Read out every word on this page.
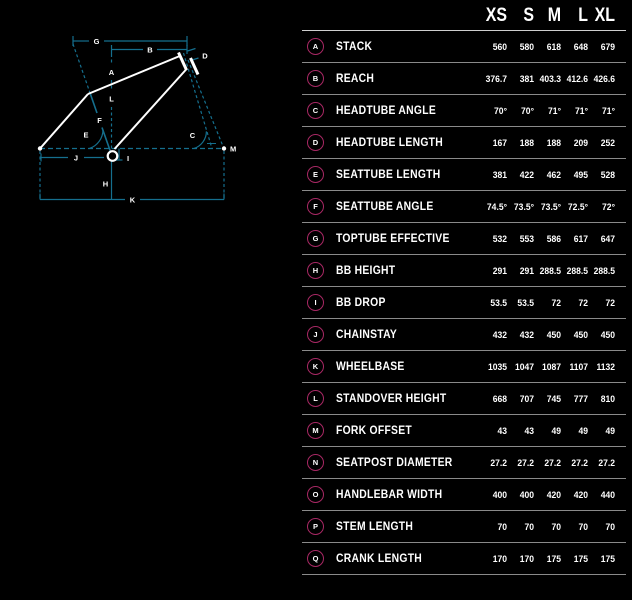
G
B
D
A
L
F
E	C
M
J	I
H
K
XS S M L XL
A STACK	560	580	618	648	679
B REACH	376.7	381 403.3 412.6 426.6
C HEADTUBE ANGLE	70°	70°	71°	71°	71°
D HEADTUBE LENGTH	167	188	188	209	252
E SEATTUBE LENGTH	381	422	462	495	528
F SEATTUBE ANGLE	74.5° 73.5° 73.5° 72.5°	72°
G TOPTUBE EFFECTIVE	532	553	586	617	647
H BB HEIGHT	291	291 288.5 288.5 288.5
I BB DROP	53.5	53.5	72	72	72
J CHAINSTAY	432	432	450	450	450
K WHEELBASE	1035 1047 1087 1107 1132
L STANDOVER HEIGHT	668	707	745	777	810
M FORK OFFSET	43	43	49	49	49
N SEATPOST DIAMETER	27.2	27.2	27.2	27.2	27.2
O HANDLEBAR WIDTH	400	400	420	420	440
P STEM LENGTH	70	70	70	70	70
Q CRANK LENGTH	170	170	175	175	175
